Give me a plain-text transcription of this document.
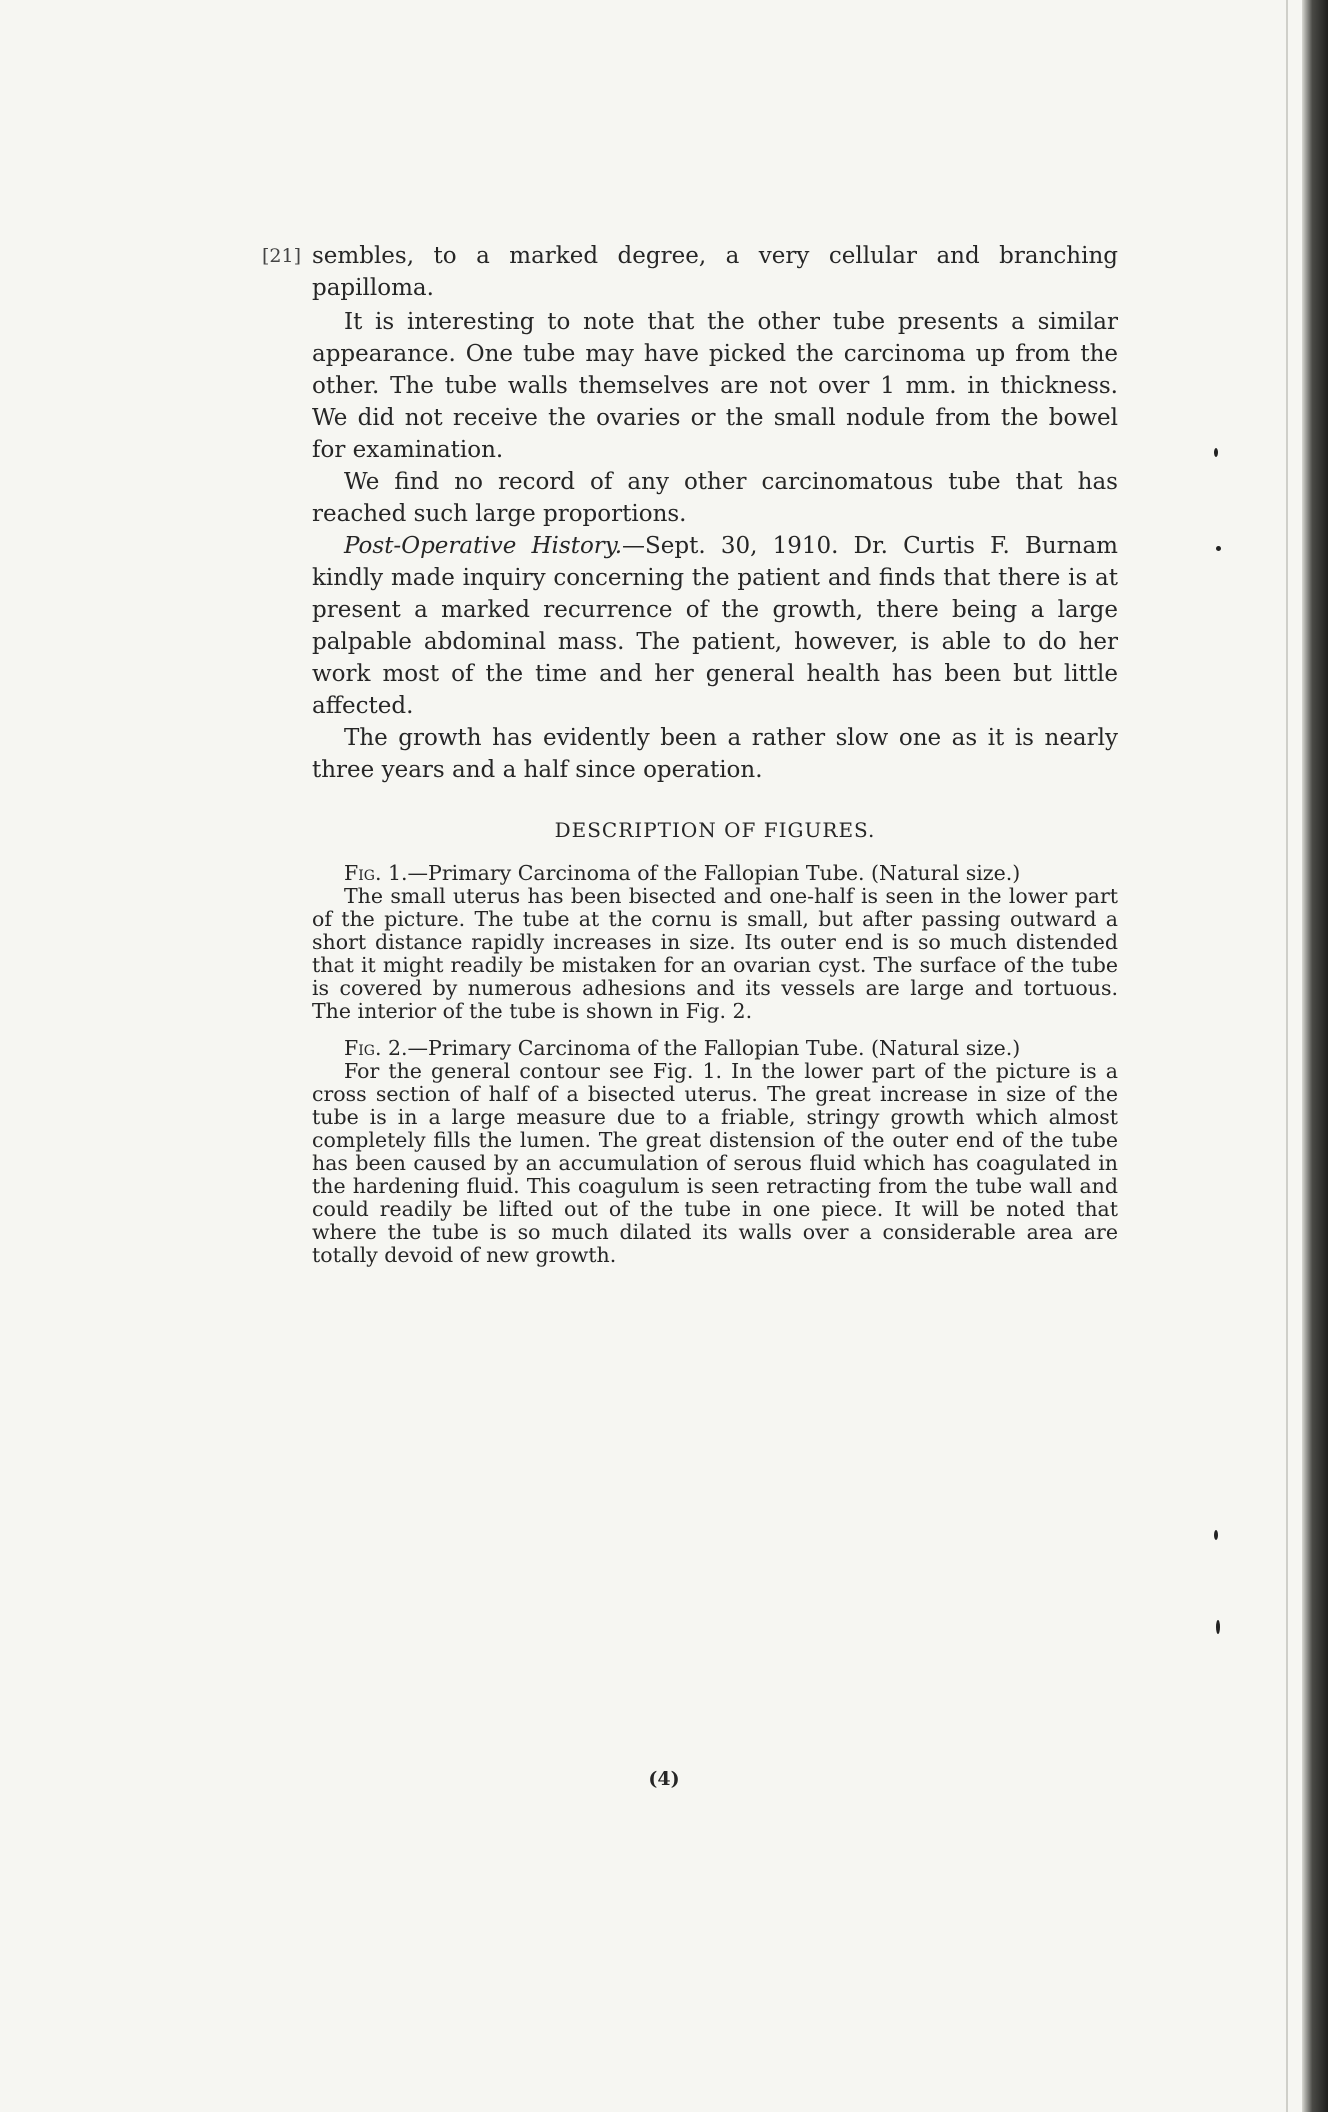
[21] sembles, to a marked degree, a very cellular and branching papilloma.

It is interesting to note that the other tube presents a similar appearance. One tube may have picked the carcinoma up from the other. The tube walls themselves are not over 1 mm. in thickness. We did not receive the ovaries or the small nodule from the bowel for examination.

We find no record of any other carcinomatous tube that has reached such large proportions.

Post-Operative History.—Sept. 30, 1910. Dr. Curtis F. Burnam kindly made inquiry concerning the patient and finds that there is at present a marked recurrence of the growth, there being a large palpable abdominal mass. The patient, however, is able to do her work most of the time and her general health has been but little affected.

The growth has evidently been a rather slow one as it is nearly three years and a half since operation.

DESCRIPTION OF FIGURES.

Fig. 1.—Primary Carcinoma of the Fallopian Tube. (Natural size.)

The small uterus has been bisected and one-half is seen in the lower part of the picture. The tube at the cornu is small, but after passing outward a short distance rapidly increases in size. Its outer end is so much distended that it might readily be mistaken for an ovarian cyst. The surface of the tube is covered by numerous adhesions and its vessels are large and tortuous. The interior of the tube is shown in Fig. 2.

Fig. 2.—Primary Carcinoma of the Fallopian Tube. (Natural size.)

For the general contour see Fig. 1. In the lower part of the picture is a cross section of half of a bisected uterus. The great increase in size of the tube is in a large measure due to a friable, stringy growth which almost completely fills the lumen. The great distension of the outer end of the tube has been caused by an accumulation of serous fluid which has coagulated in the hardening fluid. This coagulum is seen retracting from the tube wall and could readily be lifted out of the tube in one piece. It will be noted that where the tube is so much dilated its walls over a considerable area are totally devoid of new growth.

(4)
